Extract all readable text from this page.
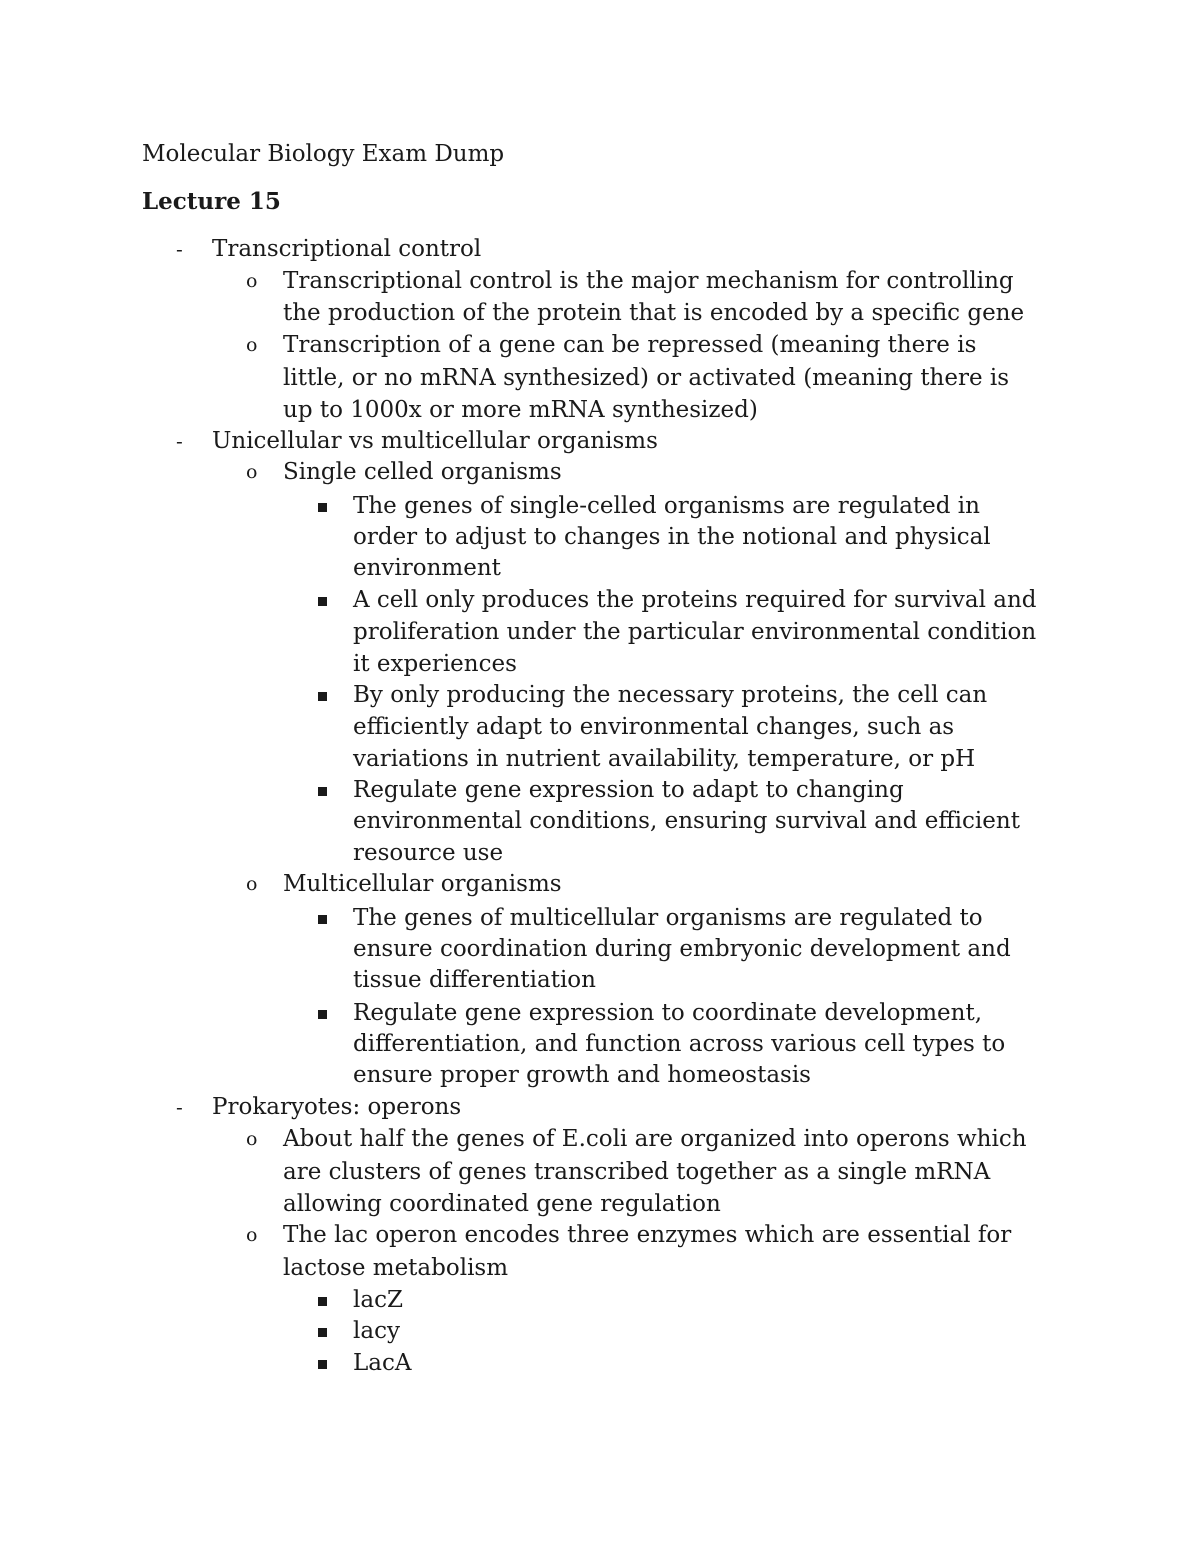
Molecular Biology Exam Dump
Lecture 15
- Transcriptional control
o Transcriptional control is the major mechanism for controlling
the production of the protein that is encoded by a specific gene
o Transcription of a gene can be repressed (meaning there is
little, or no mRNA synthesized) or activated (meaning there is
up to 1000x or more mRNA synthesized)
- Unicellular vs multicellular organisms
o Single celled organisms
The genes of single-celled organisms are regulated in
order to adjust to changes in the notional and physical
environment
A cell only produces the proteins required for survival and
proliferation under the particular environmental condition
it experiences
By only producing the necessary proteins, the cell can
efficiently adapt to environmental changes, such as
variations in nutrient availability, temperature, or pH
Regulate gene expression to adapt to changing
environmental conditions, ensuring survival and efficient
resource use
o Multicellular organisms
The genes of multicellular organisms are regulated to
ensure coordination during embryonic development and
tissue differentiation
Regulate gene expression to coordinate development,
differentiation, and function across various cell types to
ensure proper growth and homeostasis
- Prokaryotes: operons
o About half the genes of E.coli are organized into operons which
are clusters of genes transcribed together as a single mRNA
allowing coordinated gene regulation
o The lac operon encodes three enzymes which are essential for
lactose metabolism
lacZ
lacy
LacA
